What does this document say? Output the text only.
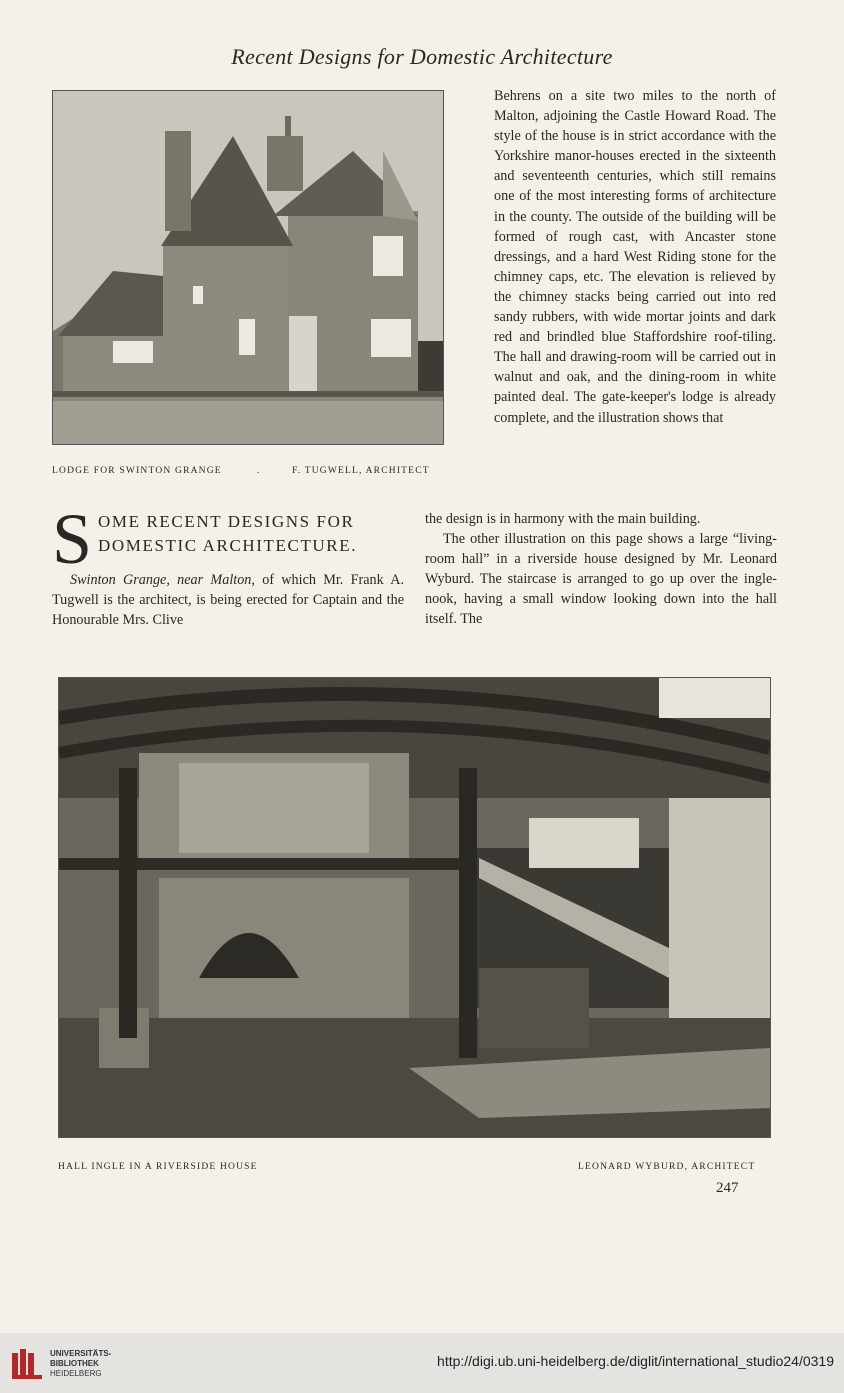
Recent Designs for Domestic Architecture
LODGE FOR SWINTON GRANGE	.	F. TUGWELL, ARCHITECT

Behrens on a site two miles to the north of Malton, adjoining the Castle Howard Road. The style of the house is in strict accordance with the Yorkshire manor-houses erected in the sixteenth and seventeenth centuries, which still remains one of the most interesting forms of architecture in the county. The outside of the building will be formed of rough cast, with Ancaster stone dressings, and a hard West Riding stone for the chimney caps, etc. The elevation is relieved by the chimney stacks being carried out into red sandy rubbers, with wide mortar joints and dark red and brindled blue Staffordshire roof-tiling. The hall and drawing-room will be carried out in walnut and oak, and the dining-room in white painted deal. The gate-keeper's lodge is already complete, and the illustration shows that

S OME RECENT DESIGNS FOR
DOMESTIC ARCHITECTURE.

Swinton Grange, near Malton, of which Mr. Frank A. Tugwell is the architect, is being erected for Captain and the Honourable Mrs. Clive

the design is in harmony with the main building.

The other illustration on this page shows a large “living-room hall” in a riverside house designed by Mr. Leonard Wyburd. The staircase is arranged to go up over the ingle-nook, having a small window looking down into the hall itself. The

HALL INGLE IN A RIVERSIDE HOUSE	LEONARD WYBURD, ARCHITECT
247
UNIVERSITÄTS-
BIBLIOTHEK
HEIDELBERG
http://digi.ub.uni-heidelberg.de/diglit/international_studio24/0319
